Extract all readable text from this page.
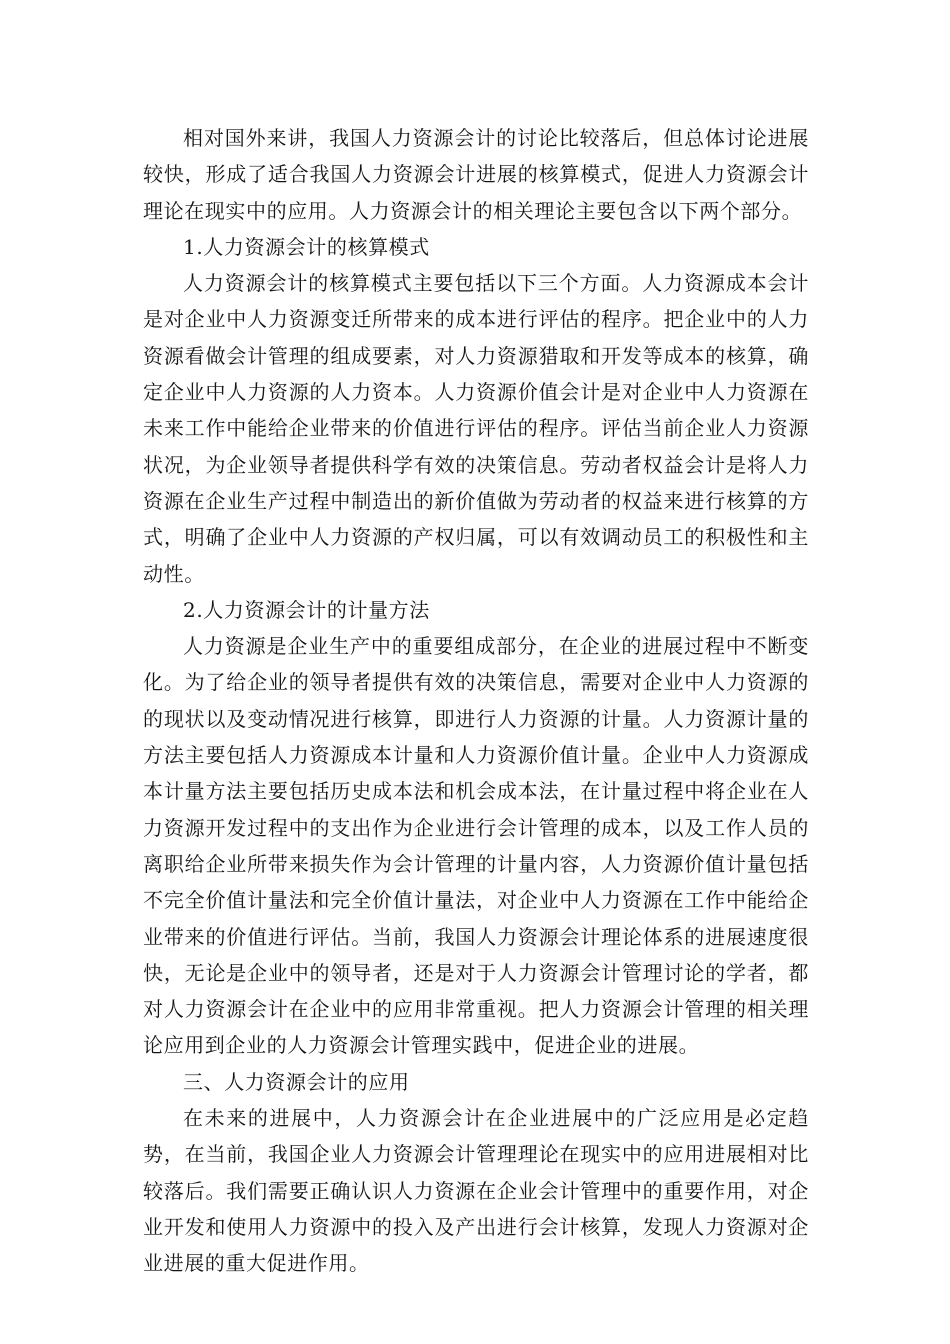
相对国外来讲，我国人力资源会计的讨论比较落后，但总体讨论进展较快，形成了适合我国人力资源会计进展的核算模式，促进人力资源会计理论在现实中的应用。人力资源会计的相关理论主要包含以下两个部分。

1.人力资源会计的核算模式

人力资源会计的核算模式主要包括以下三个方面。人力资源成本会计是对企业中人力资源变迁所带来的成本进行评估的程序。把企业中的人力资源看做会计管理的组成要素，对人力资源猎取和开发等成本的核算，确定企业中人力资源的人力资本。人力资源价值会计是对企业中人力资源在未来工作中能给企业带来的价值进行评估的程序。评估当前企业人力资源状况，为企业领导者提供科学有效的决策信息。劳动者权益会计是将人力资源在企业生产过程中制造出的新价值做为劳动者的权益来进行核算的方式，明确了企业中人力资源的产权归属，可以有效调动员工的积极性和主动性。

2.人力资源会计的计量方法

人力资源是企业生产中的重要组成部分，在企业的进展过程中不断变化。为了给企业的领导者提供有效的决策信息，需要对企业中人力资源的的现状以及变动情况进行核算，即进行人力资源的计量。人力资源计量的方法主要包括人力资源成本计量和人力资源价值计量。企业中人力资源成本计量方法主要包括历史成本法和机会成本法，在计量过程中将企业在人力资源开发过程中的支出作为企业进行会计管理的成本，以及工作人员的离职给企业所带来损失作为会计管理的计量内容，人力资源价值计量包括不完全价值计量法和完全价值计量法，对企业中人力资源在工作中能给企业带来的价值进行评估。当前，我国人力资源会计理论体系的进展速度很快，无论是企业中的领导者，还是对于人力资源会计管理讨论的学者，都对人力资源会计在企业中的应用非常重视。把人力资源会计管理的相关理论应用到企业的人力资源会计管理实践中，促进企业的进展。

三、人力资源会计的应用

在未来的进展中，人力资源会计在企业进展中的广泛应用是必定趋势，在当前，我国企业人力资源会计管理理论在现实中的应用进展相对比较落后。我们需要正确认识人力资源在企业会计管理中的重要作用，对企业开发和使用人力资源中的投入及产出进行会计核算，发现人力资源对企业进展的重大促进作用。
